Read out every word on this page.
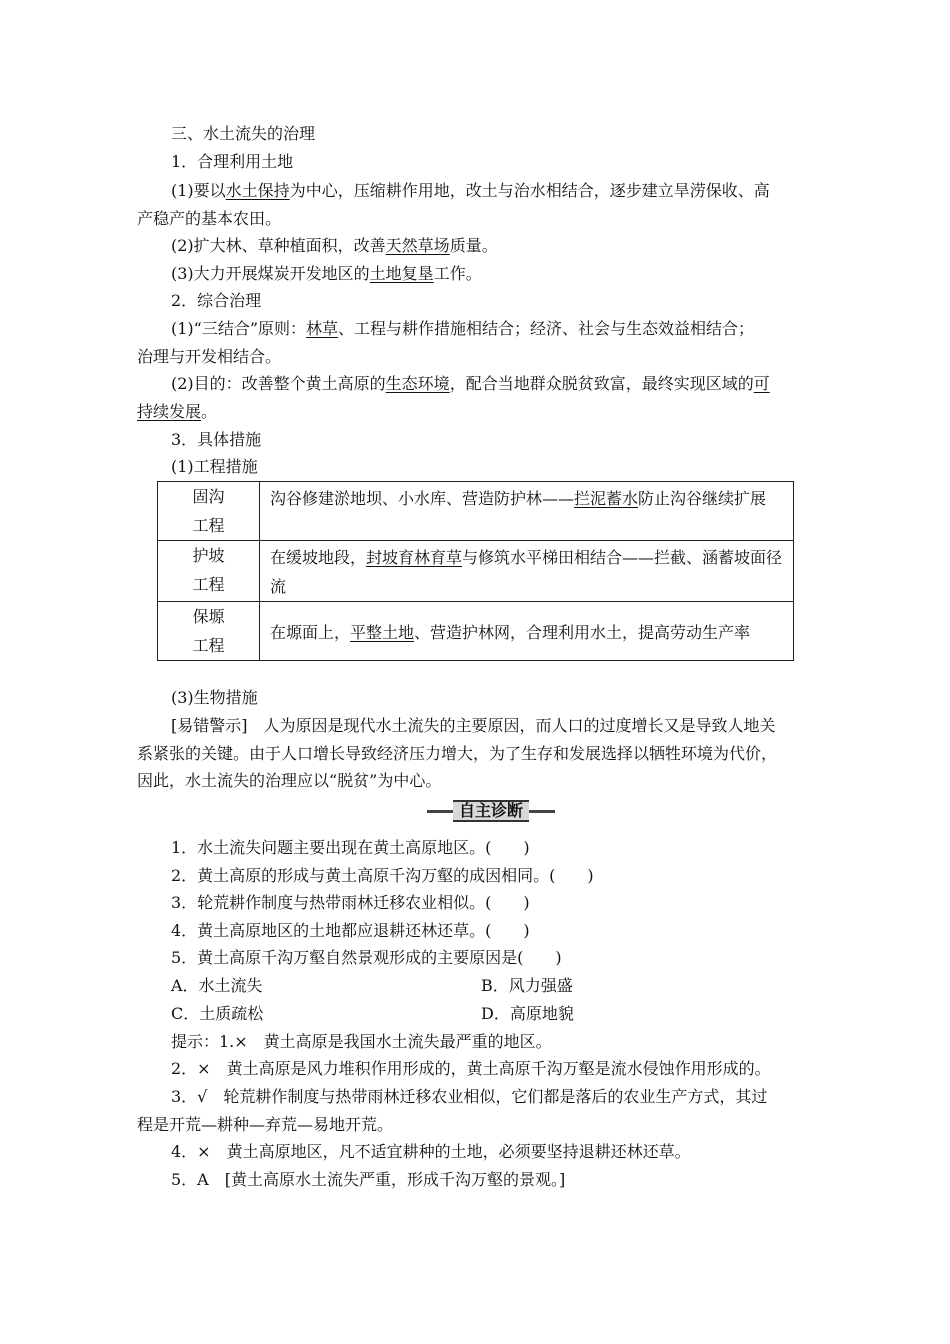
三、水土流失的治理
1．合理利用土地
(1)要以水土保持为中心，压缩耕作用地，改土与治水相结合，逐步建立旱涝保收、高
产稳产的基本农田。
(2)扩大林、草种植面积，改善天然草场质量。
(3)大力开展煤炭开发地区的土地复垦工作。
2．综合治理
(1)“三结合”原则：林草、工程与耕作措施相结合；经济、社会与生态效益相结合；
治理与开发相结合。
(2)目的：改善整个黄土高原的生态环境，配合当地群众脱贫致富，最终实现区域的可
持续发展。
3．具体措施
(1)工程措施
固沟
工程	沟谷修建淤地坝、小水库、营造防护林——拦泥蓄水防止沟谷继续扩展

护坡
工程	在缓坡地段，封坡育林育草与修筑水平梯田相结合——拦截、涵蓄坡面径流

保塬
工程	在塬面上，平整土地、营造护林网，合理利用水土，提高劳动生产率
(3)生物措施
[易错警示]　人为原因是现代水土流失的主要原因，而人口的过度增长又是导致人地关
系紧张的关键。由于人口增长导致经济压力增大，为了生存和发展选择以牺牲环境为代价，
因此，水土流失的治理应以“脱贫”为中心。
自主诊断
1．水土流失问题主要出现在黄土高原地区。(　　)
2．黄土高原的形成与黄土高原千沟万壑的成因相同。(　　)
3．轮荒耕作制度与热带雨林迁移农业相似。(　　)
4．黄土高原地区的土地都应退耕还林还草。(　　)
5．黄土高原千沟万壑自然景观形成的主要原因是(　　)
A．水土流失	B．风力强盛
C．土质疏松	D．高原地貌
提示：1.×　黄土高原是我国水土流失最严重的地区。
2．×　黄土高原是风力堆积作用形成的，黄土高原千沟万壑是流水侵蚀作用形成的。
3．√　轮荒耕作制度与热带雨林迁移农业相似，它们都是落后的农业生产方式，其过
程是开荒—耕种—弃荒—易地开荒。
4．×　黄土高原地区，凡不适宜耕种的土地，必须要坚持退耕还林还草。
5．A　[黄土高原水土流失严重，形成千沟万壑的景观。]
